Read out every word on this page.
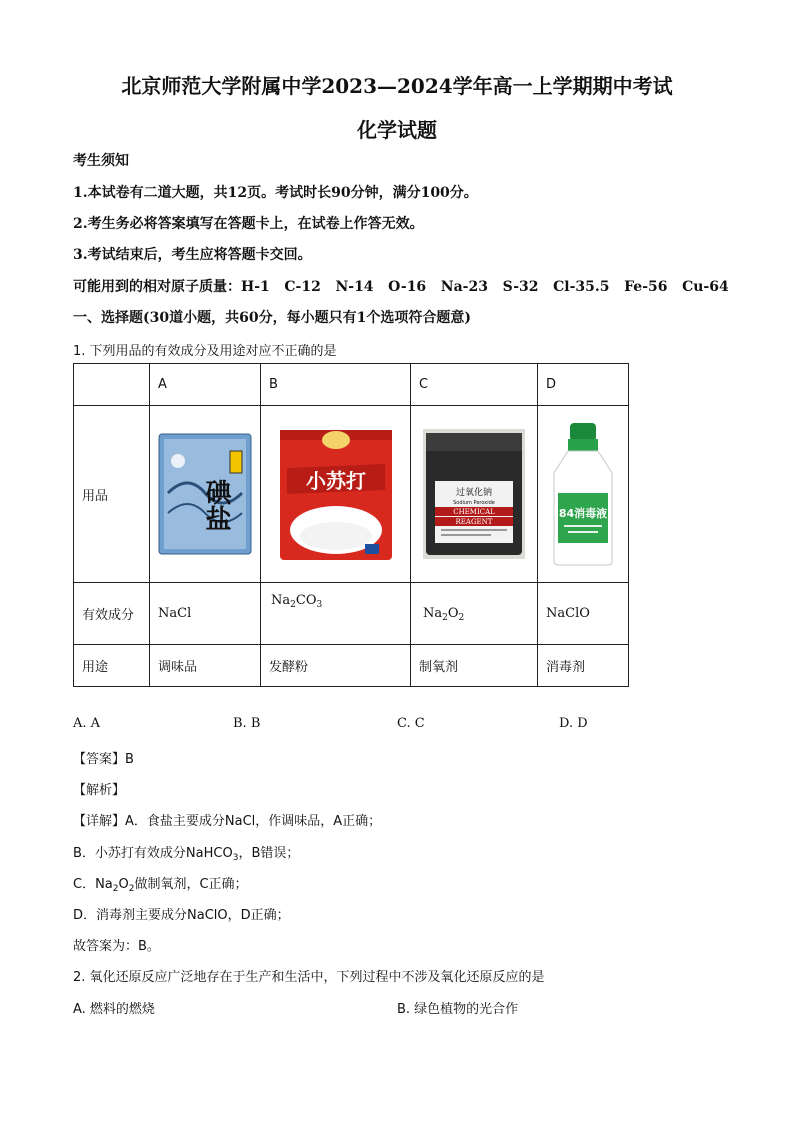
北京师范大学附属中学2023—2024学年高一上学期期中考试
化学试题
考生须知
1.本试卷有二道大题，共12页。考试时长90分钟，满分100分。
2.考生务必将答案填写在答题卡上，在试卷上作答无效。
3.考试结束后，考生应将答题卡交回。
可能用到的相对原子质量：H-1   C-12   N-14   O-16   Na-23   S-32   Cl-35.5   Fe-56   Cu-64
一、选择题(30道小题，共60分，每小题只有1个选项符合题意)
1. 下列用品的有效成分及用途对应不正确的是
	A	B	C	D
用品	碘盐	小苏打	过氧化钠
Sodium Peroxide
CHEMICAL
REAGENT	84消毒液

有效成分	NaCl	$Na_2CO_3$	$Na_2O_2$	NaClO
用途	调味品	发酵粉	制氧剂	消毒剂
A. A	B. B	C. C	D. D
【答案】B
【解析】
【详解】A．食盐主要成分NaCl，作调味品，A正确；
B．小苏打有效成分NaHCO$_3$，B错误；
C．$Na_2O_2$做制氧剂，C正确；
D．消毒剂主要成分NaClO，D正确；
故答案为：B。
2. 氧化还原反应广泛地存在于生产和生活中，下列过程中不涉及氧化还原反应的是
A. 燃料的燃烧	B. 绿色植物的光合作
